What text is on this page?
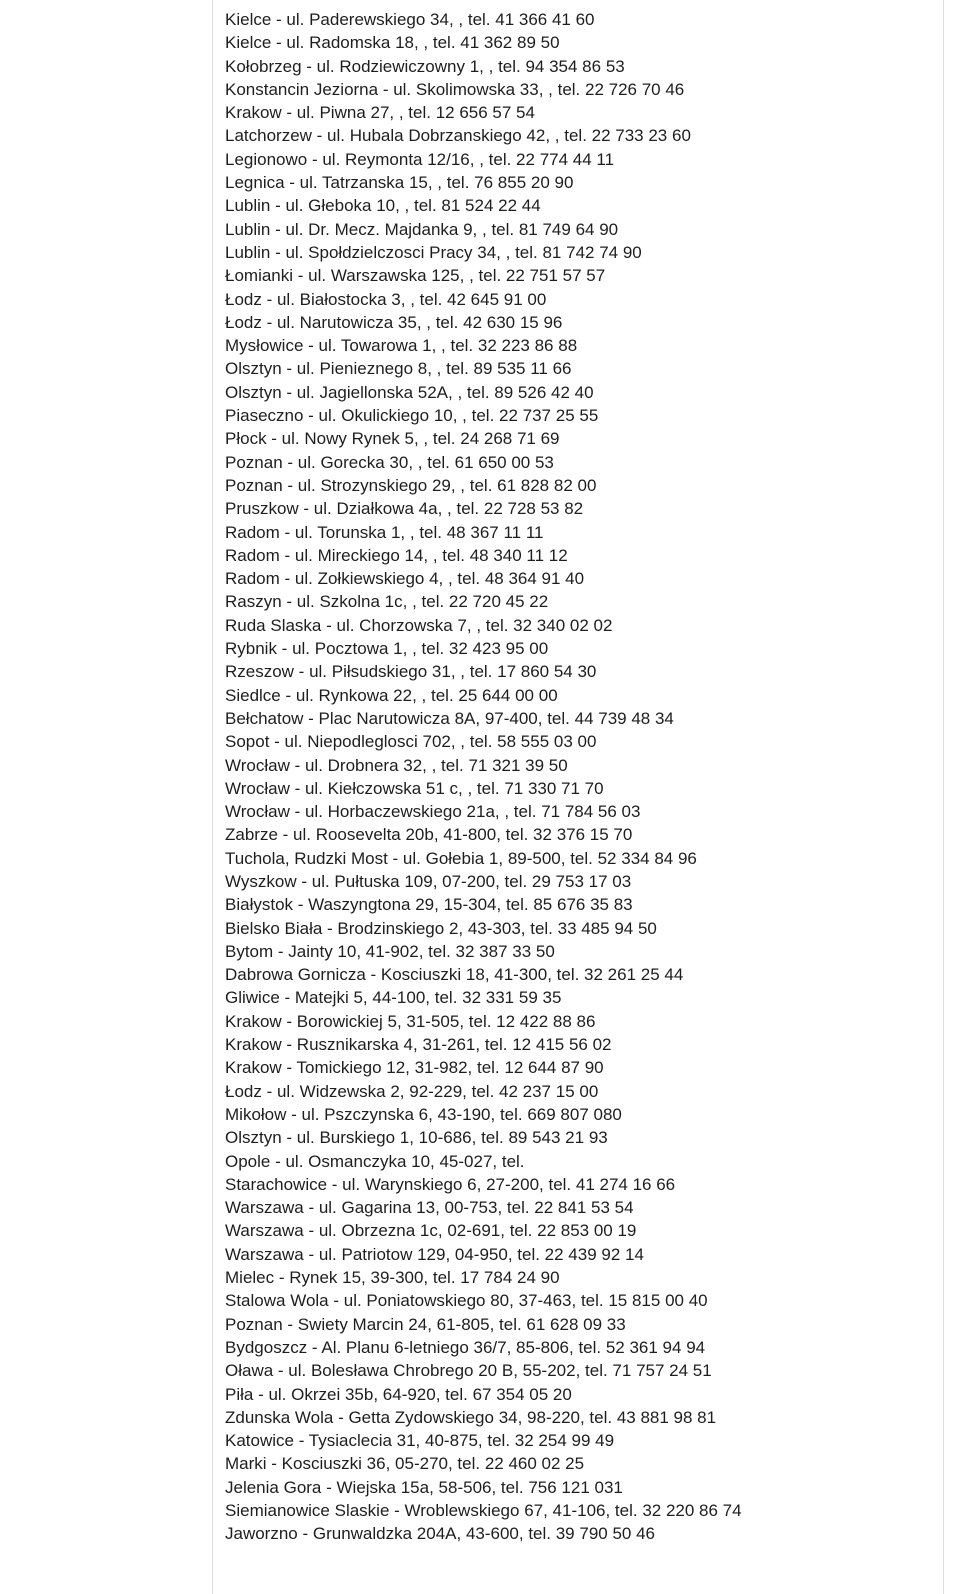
Kielce - ul. Paderewskiego 34, , tel. 41 366 41 60
Kielce - ul. Radomska 18, , tel. 41 362 89 50
Kołobrzeg - ul. Rodziewiczowny 1, , tel. 94 354 86 53
Konstancin Jeziorna - ul. Skolimowska 33, , tel. 22 726 70 46
Krakow - ul. Piwna 27, , tel. 12 656 57 54
Latchorzew - ul. Hubala Dobrzanskiego 42, , tel. 22 733 23 60
Legionowo - ul. Reymonta 12/16, , tel. 22 774 44 11
Legnica - ul. Tatrzanska 15, , tel. 76 855 20 90
Lublin - ul. Głeboka 10, , tel. 81 524 22 44
Lublin - ul. Dr. Mecz. Majdanka 9, , tel. 81 749 64 90
Lublin - ul. Społdzielczosci Pracy 34, , tel. 81 742 74 90
Łomianki - ul. Warszawska 125, , tel. 22 751 57 57
Łodz - ul. Białostocka 3, , tel. 42 645 91 00
Łodz - ul. Narutowicza 35, , tel. 42 630 15 96
Mysłowice - ul. Towarowa 1, , tel. 32 223 86 88
Olsztyn - ul. Pienieznego 8, , tel. 89 535 11 66
Olsztyn - ul. Jagiellonska 52A, , tel. 89 526 42 40
Piaseczno - ul. Okulickiego 10, , tel. 22 737 25 55
Płock - ul. Nowy Rynek 5, , tel. 24 268 71 69
Poznan - ul. Gorecka 30, , tel. 61 650 00 53
Poznan - ul. Strozynskiego 29, , tel. 61 828 82 00
Pruszkow - ul. Działkowa 4a, , tel. 22 728 53 82
Radom - ul. Torunska 1, , tel. 48 367 11 11
Radom - ul. Mireckiego 14, , tel. 48 340 11 12
Radom - ul. Zołkiewskiego 4, , tel. 48 364 91 40
Raszyn - ul. Szkolna 1c, , tel. 22 720 45 22
Ruda Slaska - ul. Chorzowska 7, , tel. 32 340 02 02
Rybnik - ul. Pocztowa 1, , tel. 32 423 95 00
Rzeszow - ul. Piłsudskiego 31, , tel. 17 860 54 30
Siedlce - ul. Rynkowa 22, , tel. 25 644 00 00
Bełchatow - Plac Narutowicza 8A, 97-400, tel. 44 739 48 34
Sopot - ul. Niepodleglosci 702, , tel. 58 555 03 00
Wrocław - ul. Drobnera 32, , tel. 71 321 39 50
Wrocław - ul. Kiełczowska 51 c, , tel. 71 330 71 70
Wrocław - ul. Horbaczewskiego 21a, , tel. 71 784 56 03
Zabrze - ul. Roosevelta 20b, 41-800, tel. 32 376 15 70
Tuchola, Rudzki Most - ul. Gołebia 1, 89-500, tel. 52 334 84 96
Wyszkow - ul. Pułtuska 109, 07-200, tel. 29 753 17 03
Białystok - Waszyngtona 29, 15-304, tel. 85 676 35 83
Bielsko Biała - Brodzinskiego 2, 43-303, tel. 33 485 94 50
Bytom - Jainty 10, 41-902, tel. 32 387 33 50
Dabrowa Gornicza - Kosciuszki 18, 41-300, tel. 32 261 25 44
Gliwice - Matejki 5, 44-100, tel. 32 331 59 35
Krakow - Borowickiej 5, 31-505, tel. 12 422 88 86
Krakow - Rusznikarska 4, 31-261, tel. 12 415 56 02
Krakow - Tomickiego 12, 31-982, tel. 12 644 87 90
Łodz - ul. Widzewska 2, 92-229, tel. 42 237 15 00
Mikołow - ul. Pszczynska 6, 43-190, tel. 669 807 080
Olsztyn - ul. Burskiego 1, 10-686, tel. 89 543 21 93
Opole - ul. Osmanczyka 10, 45-027, tel.
Starachowice - ul. Warynskiego 6, 27-200, tel. 41 274 16 66
Warszawa - ul. Gagarina 13, 00-753, tel. 22 841 53 54
Warszawa - ul. Obrzezna 1c, 02-691, tel. 22 853 00 19
Warszawa - ul. Patriotow 129, 04-950, tel. 22 439 92 14
Mielec - Rynek 15, 39-300, tel. 17 784 24 90
Stalowa Wola - ul. Poniatowskiego 80, 37-463, tel. 15 815 00 40
Poznan - Swiety Marcin 24, 61-805, tel. 61 628 09 33
Bydgoszcz - Al. Planu 6-letniego 36/7, 85-806, tel. 52 361 94 94
Oława - ul. Bolesława Chrobrego 20 B, 55-202, tel. 71 757 24 51
Piła - ul. Okrzei 35b, 64-920, tel. 67 354 05 20
Zdunska Wola - Getta Zydowskiego 34, 98-220, tel. 43 881 98 81
Katowice - Tysiaclecia 31, 40-875, tel. 32 254 99 49
Marki - Kosciuszki 36, 05-270, tel. 22 460 02 25
Jelenia Gora - Wiejska 15a, 58-506, tel. 756 121 031
Siemianowice Slaskie - Wroblewskiego 67, 41-106, tel. 32 220 86 74
Jaworzno - Grunwaldzka 204A, 43-600, tel. 39 790 50 46
